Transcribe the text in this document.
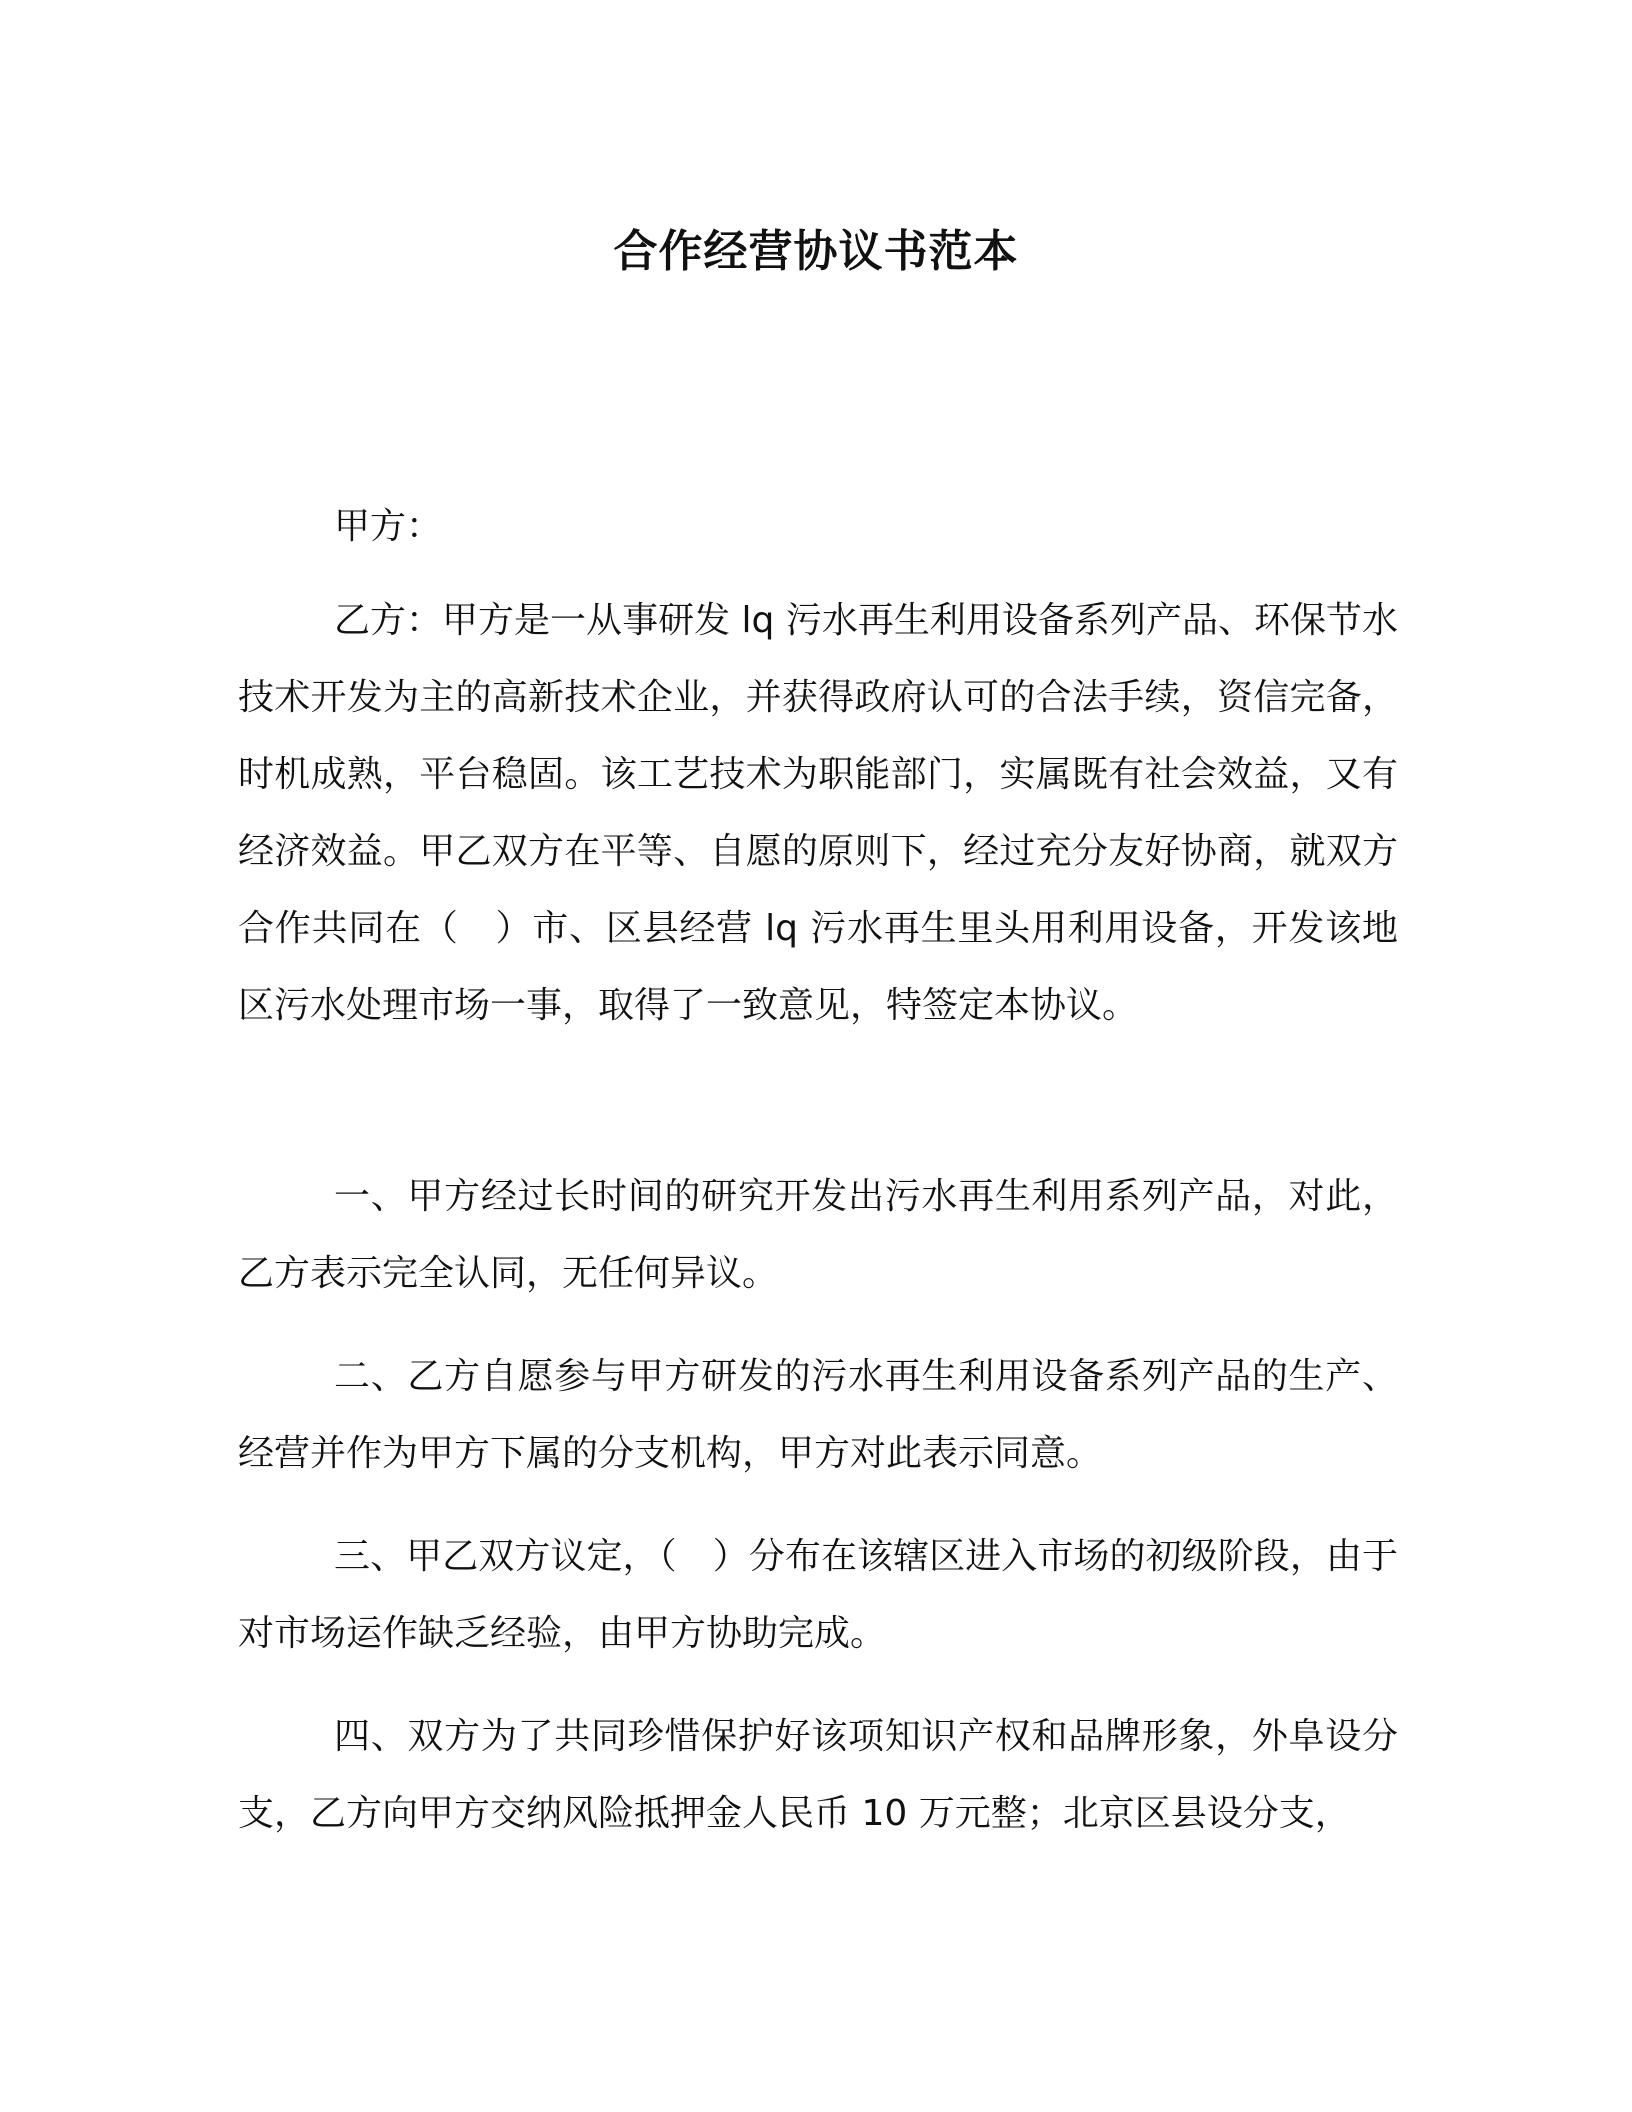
合作经营协议书范本

甲方：

乙方：甲方是一从事研发 lq 污水再生利用设备系列产品、环保节水技术开发为主的高新技术企业，并获得政府认可的合法手续，资信完备，时机成熟，平台稳固。该工艺技术为职能部门，实属既有社会效益，又有经济效益。甲乙双方在平等、自愿的原则下，经过充分友好协商，就双方合作共同在（　）市、区县经营 lq 污水再生里头用利用设备，开发该地区污水处理市场一事，取得了一致意见，特签定本协议。

一、甲方经过长时间的研究开发出污水再生利用系列产品，对此，乙方表示完全认同，无任何异议。

二、乙方自愿参与甲方研发的污水再生利用设备系列产品的生产、经营并作为甲方下属的分支机构，甲方对此表示同意。

三、甲乙双方议定，（　）分布在该辖区进入市场的初级阶段，由于对市场运作缺乏经验，由甲方协助完成。

四、双方为了共同珍惜保护好该项知识产权和品牌形象，外阜设分支，乙方向甲方交纳风险抵押金人民币 10 万元整；北京区县设分支，
